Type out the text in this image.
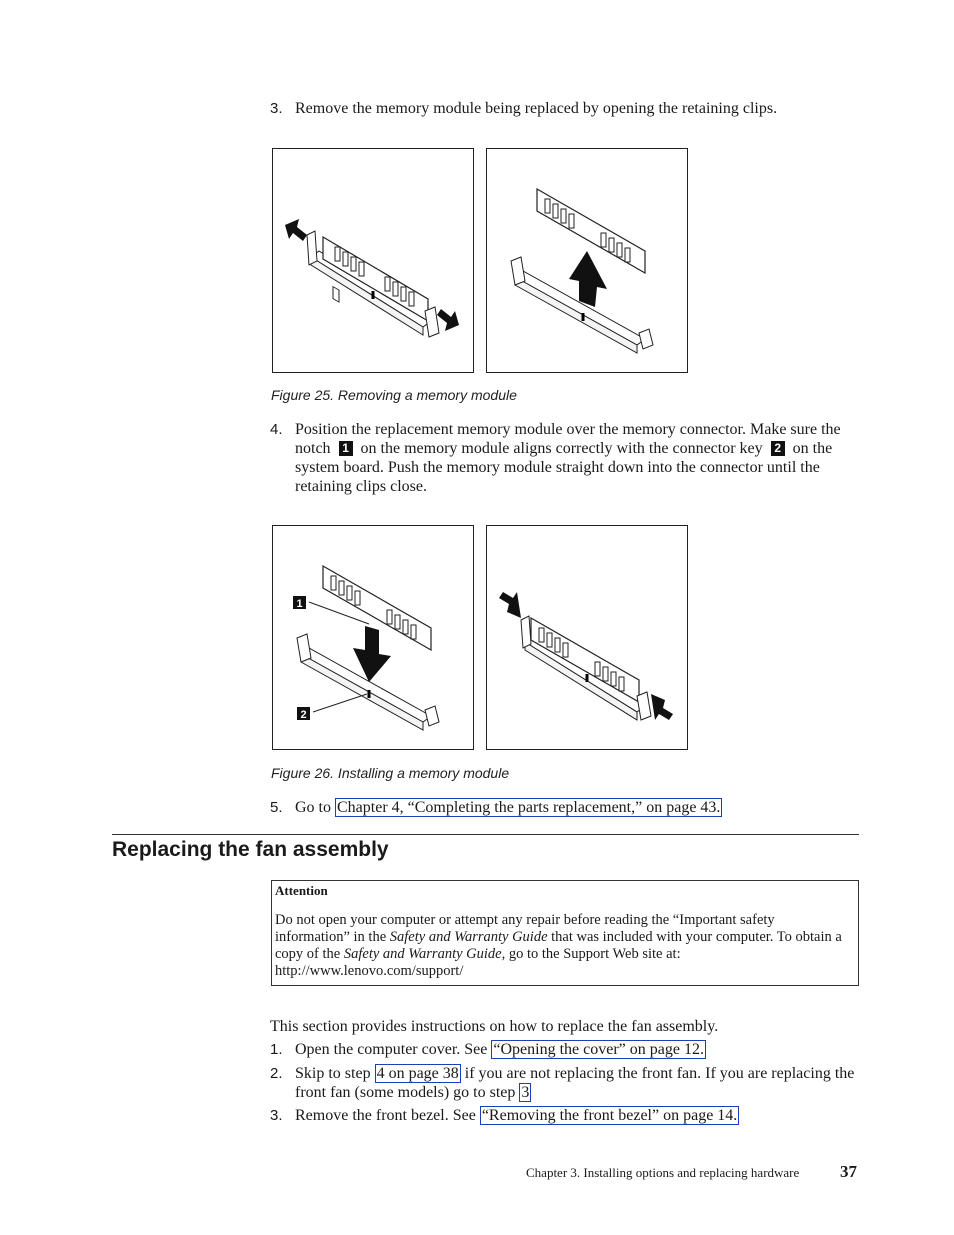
3. Remove the memory module being replaced by opening the retaining clips.
Figure 25. Removing a memory module
4. Position the replacement memory module over the memory connector. Make sure the notch 1 on the memory module aligns correctly with the connector key 2 on the system board. Push the memory module straight down into the connector until the retaining clips close.
1
2
Figure 26. Installing a memory module
5. Go to Chapter 4, “Completing the parts replacement,” on page 43.
Replacing the fan assembly
Attention
Do not open your computer or attempt any repair before reading the “Important safety information” in the Safety and Warranty Guide that was included with your computer. To obtain a copy of the Safety and Warranty Guide, go to the Support Web site at: http://www.lenovo.com/support/
This section provides instructions on how to replace the fan assembly.
1. Open the computer cover. See “Opening the cover” on page 12.
2. Skip to step 4 on page 38 if you are not replacing the front fan. If you are replacing the front fan (some models) go to step 3
3. Remove the front bezel. See “Removing the front bezel” on page 14.
Chapter 3. Installing options and replacing hardware 37
